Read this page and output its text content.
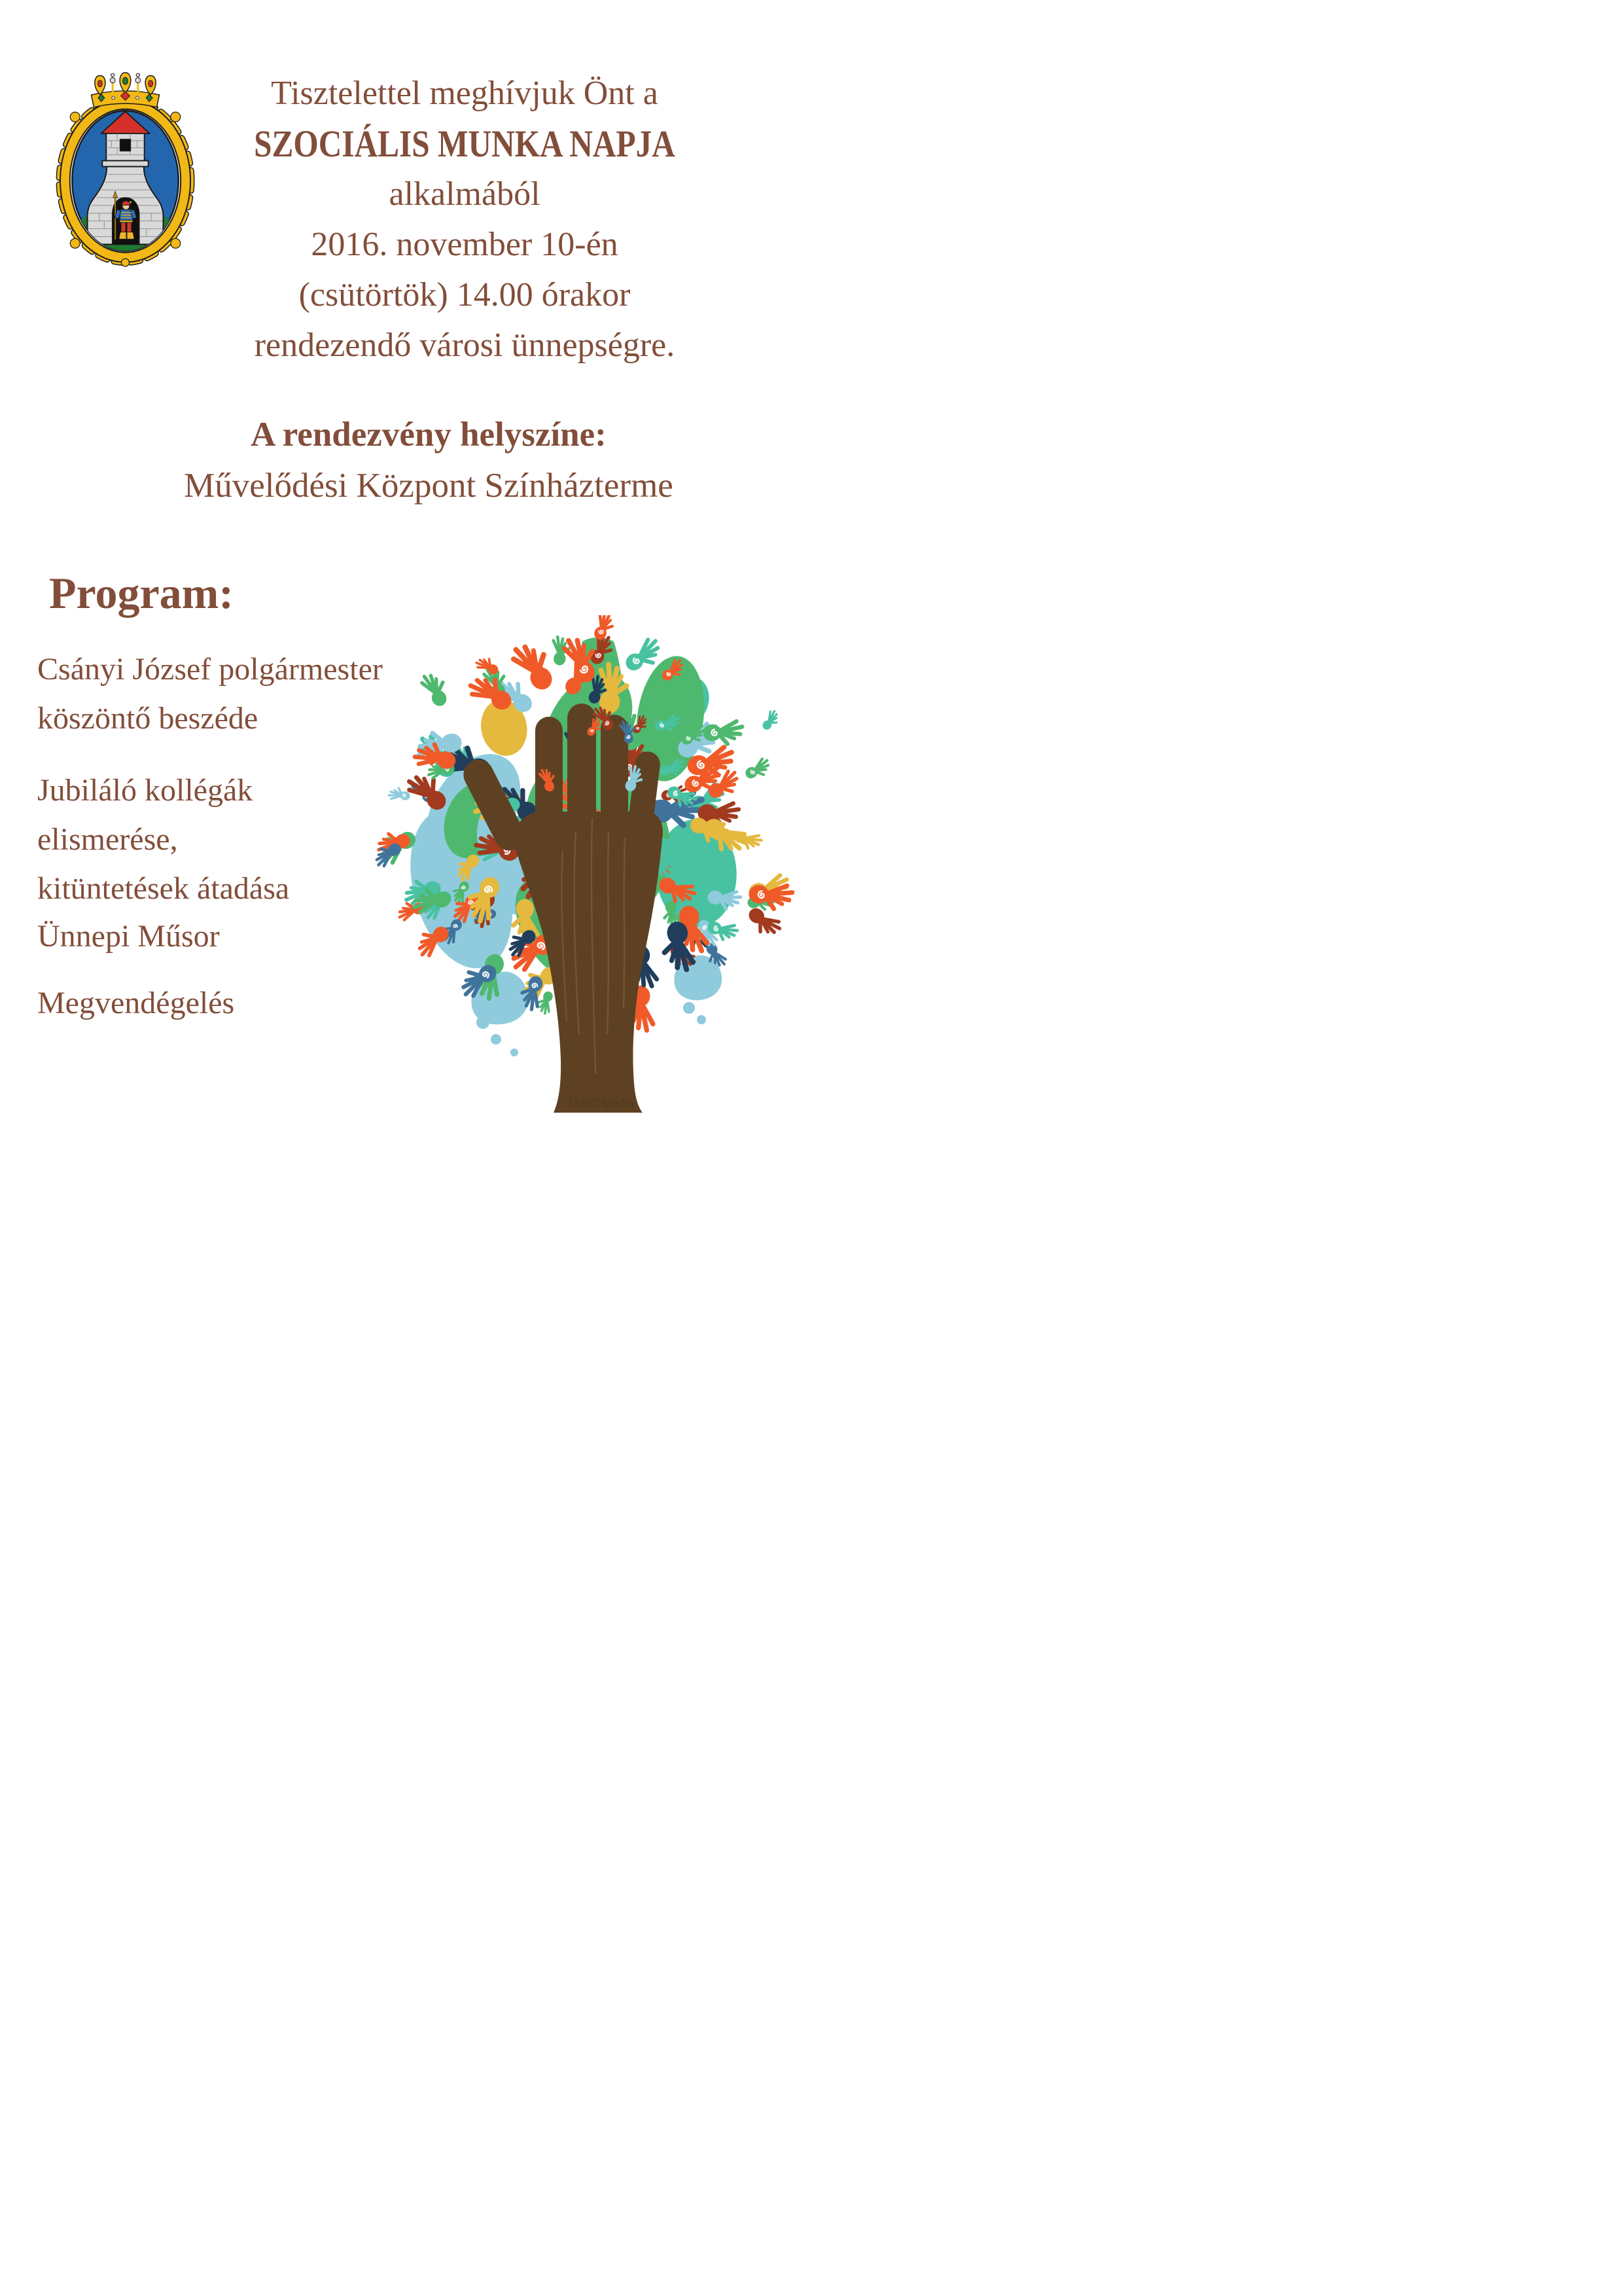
Tisztelettel meghívjuk Önt a

SZOCIÁLIS MUNKA NAPJA

alkalmából

2016. november 10-én

(csütörtök) 14.00 órakor

rendezendő városi ünnepségre.

A rendezvény helyszíne:

Művelődési Központ Színházterme

Program:

Csányi József polgármester
köszöntő beszéde

Jubiláló kollégák
elismerése,
kitüntetések átadása

Ünnepi Műsor

Megvendégelés

TARO Media
